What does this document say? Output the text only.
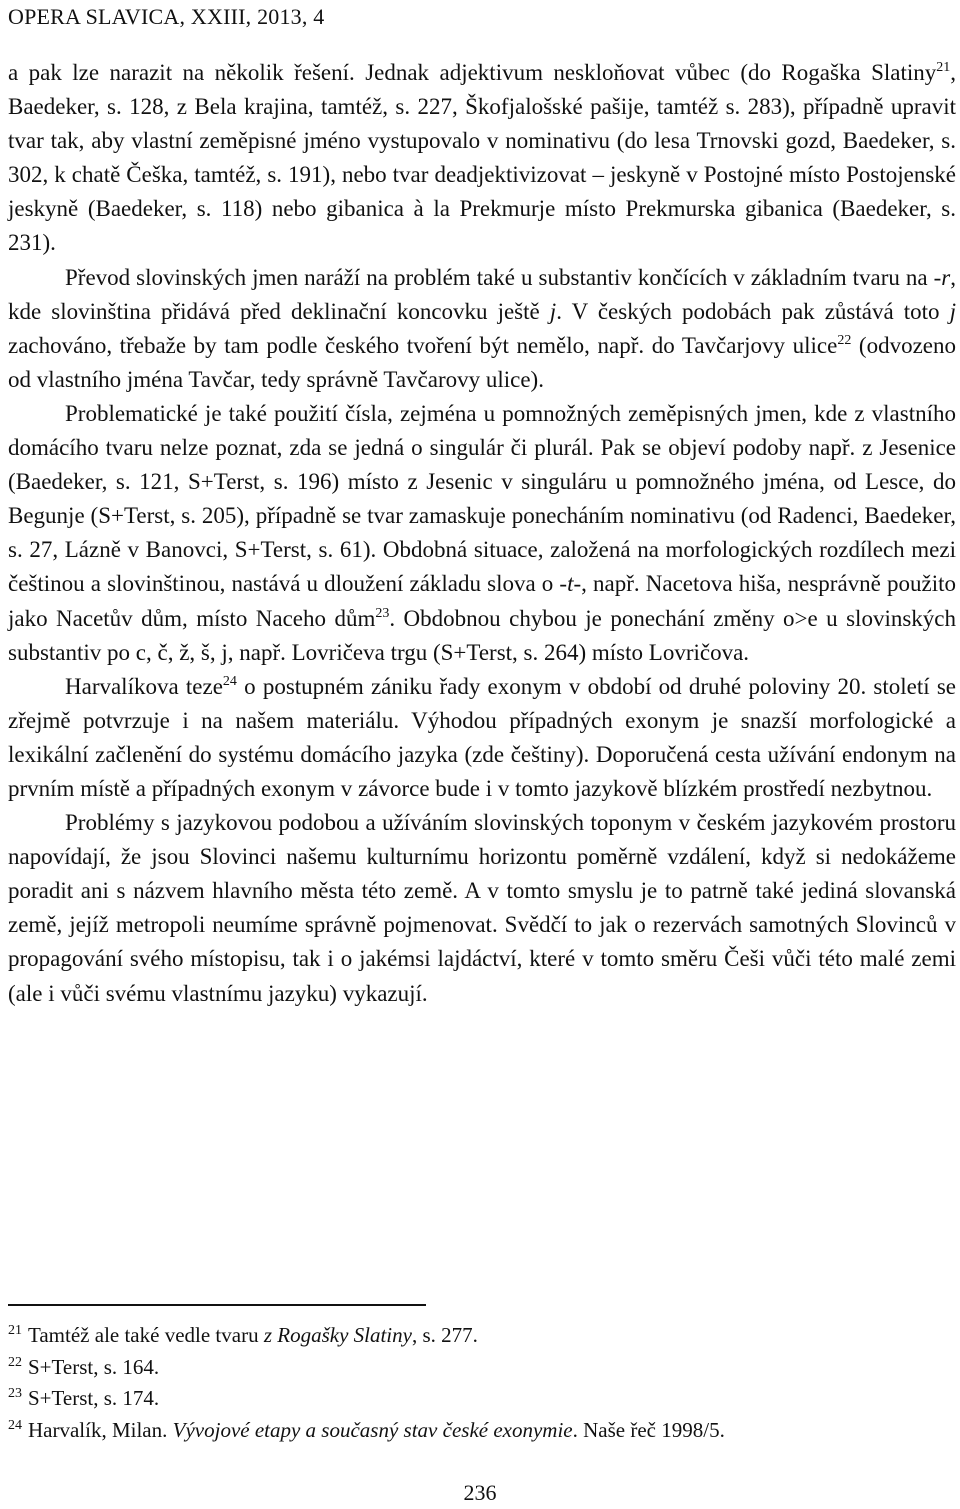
OPERA SLAVICA, XXIII, 2013, 4

a pak lze narazit na několik řešení. Jednak adjektivum neskloňovat vůbec (do Rogaška Slatiny$^{21}$, Baedeker, s. 128, z Bela krajina, tamtéž, s. 227, Škofjalošské pašije, tamtéž s. 283), případně upravit tvar tak, aby vlastní zeměpisné jméno vystupovalo v nominativu (do lesa Trnovski gozd, Baedeker, s. 302, k chatě Češka, tamtéž, s. 191), nebo tvar deadjektivizovat – jeskyně v Postojné místo Postojenské jeskyně (Baedeker, s. 118) nebo gibanica à la Prekmurje místo Prekmurska gibanica (Baedeker, s. 231).

Převod slovinských jmen naráží na problém také u substantiv končících v základním tvaru na -r, kde slovinština přidává před deklinační koncovku ještě j. V českých podobách pak zůstává toto j zachováno, třebaže by tam podle českého tvoření být nemělo, např. do Tavčarjovy ulice$^{22}$ (odvozeno od vlastního jména Tavčar, tedy správně Tavčarovy ulice).

Problematické je také použití čísla, zejména u pomnožných zeměpisných jmen, kde z vlastního domácího tvaru nelze poznat, zda se jedná o singulár či plurál. Pak se objeví podoby např. z Jesenice (Baedeker, s. 121, S+Terst, s. 196) místo z Jesenic v singuláru u pomnožného jména, od Lesce, do Begunje (S+Terst, s. 205), případně se tvar zamaskuje ponecháním nominativu (od Radenci, Baedeker, s. 27, Lázně v Banovci, S+Terst, s. 61). Obdobná situace, založená na morfologických rozdílech mezi češtinou a slovinštinou, nastává u dloužení základu slova o -t-, např. Nacetova hiša, nesprávně použito jako Nacetův dům, místo Naceho dům$^{23}$. Obdobnou chybou je ponechání změny o>e u slovinských substantiv po c, č, ž, š, j, např. Lovričeva trgu (S+Terst, s. 264) místo Lovričova.

Harvalíkova teze$^{24}$ o postupném zániku řady exonym v období od druhé poloviny 20. století se zřejmě potvrzuje i na našem materiálu. Výhodou případných exonym je snazší morfologické a lexikální začlenění do systému domácího jazyka (zde češtiny). Doporučená cesta užívání endonym na prvním místě a případných exonym v závorce bude i v tomto jazykově blízkém prostředí nezbytnou.

Problémy s jazykovou podobou a užíváním slovinských toponym v českém jazykovém prostoru napovídají, že jsou Slovinci našemu kulturnímu horizontu poměrně vzdálení, když si nedokážeme poradit ani s názvem hlavního města této země. A v tomto smyslu je to patrně také jediná slovanská země, jejíž metropoli neumíme správně pojmenovat. Svědčí to jak o rezervách samotných Slovinců v propagování svého místopisu, tak i o jakémsi lajdáctví, které v tomto směru Češi vůči této malé zemi (ale i vůči svému vlastnímu jazyku) vykazují.

$^{21}$ Tamtéž ale také vedle tvaru z Rogašky Slatiny, s. 277.
$^{22}$ S+Terst, s. 164.
$^{23}$ S+Terst, s. 174.
$^{24}$ Harvalík, Milan. Vývojové etapy a současný stav české exonymie. Naše řeč 1998/5.
236
